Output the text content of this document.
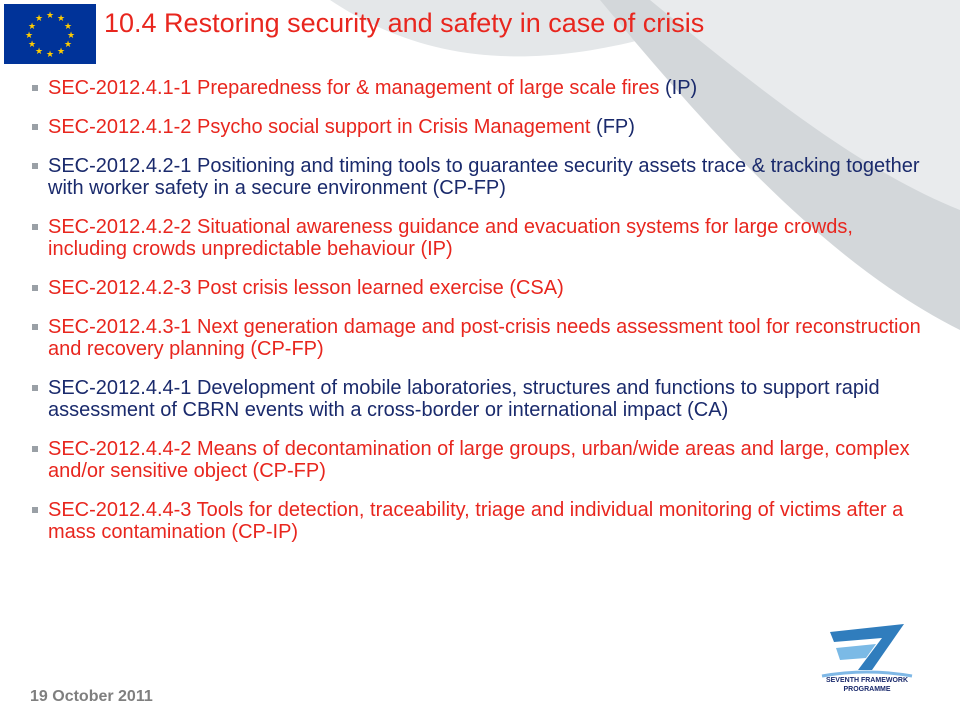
★ ★
★
★
★
★
★
★
★
★
★
★ 10.4 Restoring security and safety in case of crisis
SEC-2012.4.1-1 Preparedness for & management of large scale fires (IP)
SEC-2012.4.1-2 Psycho social support in Crisis Management (FP)
SEC-2012.4.2-1 Positioning and timing tools to guarantee security assets trace & tracking together with worker safety in a secure environment (CP-FP)
SEC-2012.4.2-2 Situational awareness guidance and evacuation systems for large crowds, including crowds unpredictable behaviour (IP)
SEC-2012.4.2-3 Post crisis lesson learned exercise (CSA)
SEC-2012.4.3-1 Next generation damage and post-crisis needs assessment tool for reconstruction and recovery planning (CP-FP)
SEC-2012.4.4-1 Development of mobile laboratories, structures and functions to support rapid assessment of CBRN events with a cross-border or international impact (CA)
SEC-2012.4.4-2 Means of decontamination of large groups, urban/wide areas and large, complex and/or sensitive object (CP-FP)
SEC-2012.4.4-3 Tools for detection, traceability, triage and individual monitoring of victims after a mass contamination (CP-IP)
19 October 2011
SEVENTH FRAMEWORK PROGRAMME
